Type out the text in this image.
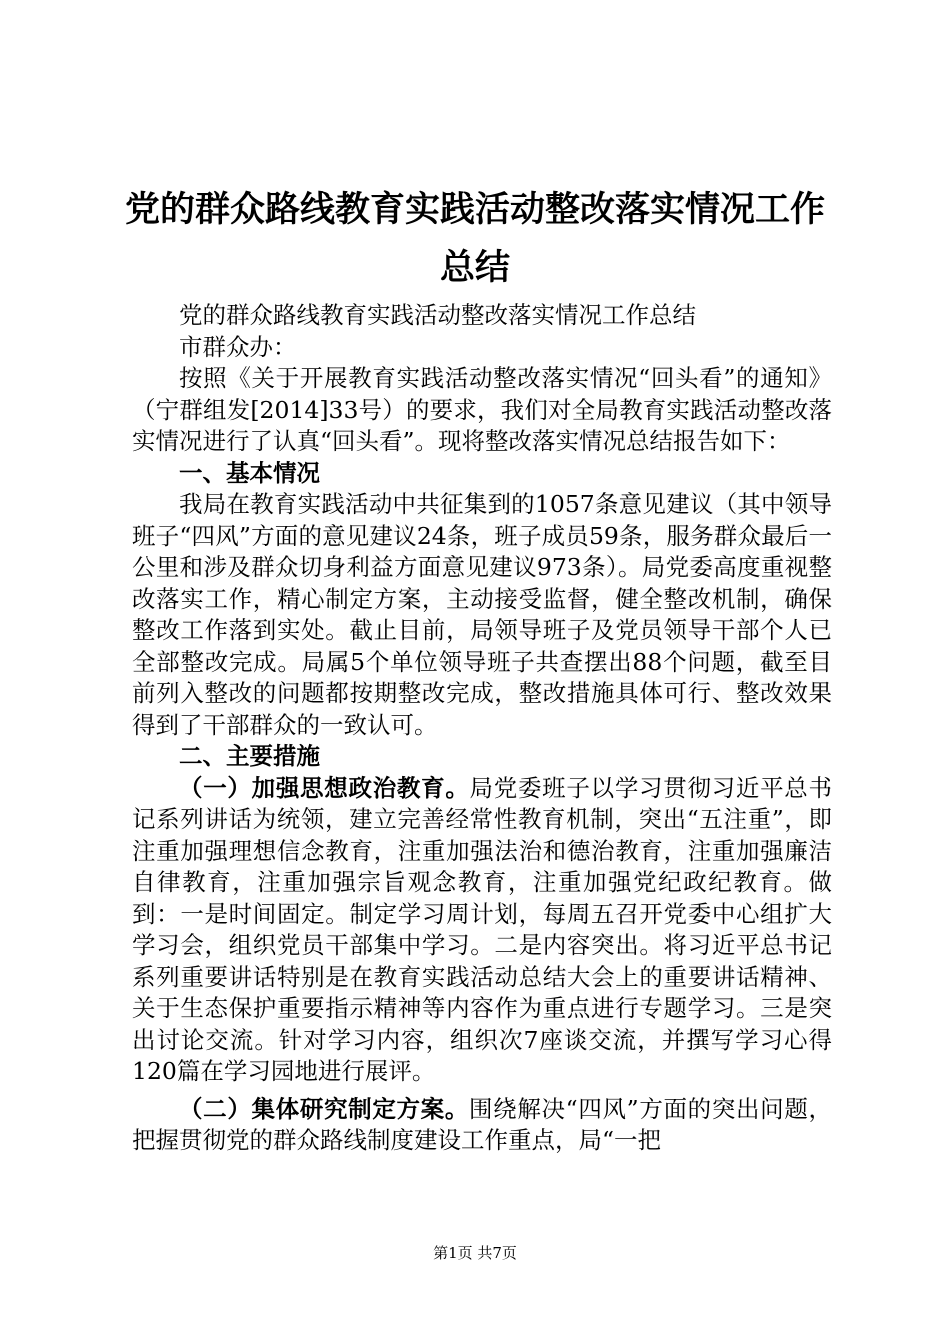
党的群众路线教育实践活动整改落实情况工作
总结

党的群众路线教育实践活动整改落实情况工作总结

市群众办：

按照《关于开展教育实践活动整改落实情况“回头看”的通知》（宁群组发[2014]33号）的要求，我们对全局教育实践活动整改落实情况进行了认真“回头看”。现将整改落实情况总结报告如下：

一、基本情况

我局在教育实践活动中共征集到的1057条意见建议（其中领导班子“四风”方面的意见建议24条，班子成员59条，服务群众最后一公里和涉及群众切身利益方面意见建议973条）。局党委高度重视整改落实工作，精心制定方案，主动接受监督，健全整改机制，确保整改工作落到实处。截止目前，局领导班子及党员领导干部个人已全部整改完成。局属5个单位领导班子共查摆出88个问题，截至目前列入整改的问题都按期整改完成，整改措施具体可行、整改效果得到了干部群众的一致认可。

二、主要措施

（一）加强思想政治教育。局党委班子以学习贯彻习近平总书记系列讲话为统领，建立完善经常性教育机制，突出“五注重”，即注重加强理想信念教育，注重加强法治和德治教育，注重加强廉洁自律教育，注重加强宗旨观念教育，注重加强党纪政纪教育。做到：一是时间固定。制定学习周计划，每周五召开党委中心组扩大学习会，组织党员干部集中学习。二是内容突出。将习近平总书记系列重要讲话特别是在教育实践活动总结大会上的重要讲话精神、关于生态保护重要指示精神等内容作为重点进行专题学习。三是突出讨论交流。针对学习内容，组织次7座谈交流，并撰写学习心得120篇在学习园地进行展评。

（二）集体研究制定方案。围绕解决“四风”方面的突出问题，把握贯彻党的群众路线制度建设工作重点，局“一把

第1页 共7页
